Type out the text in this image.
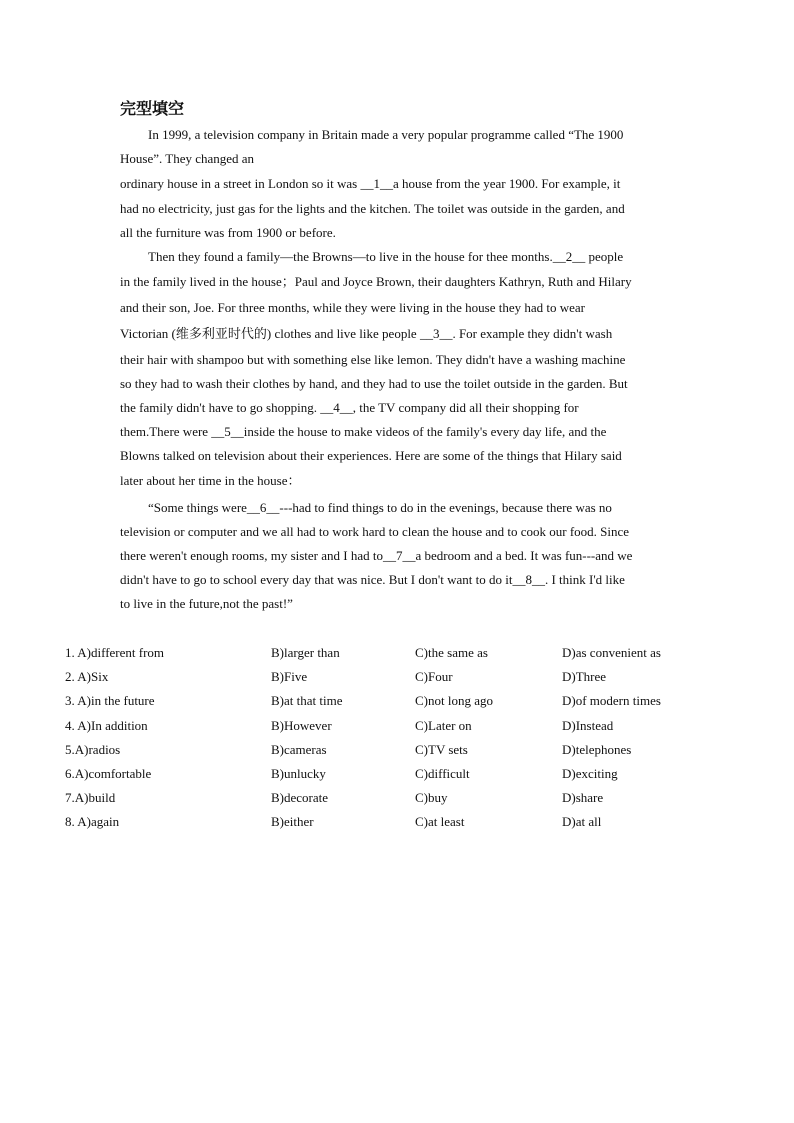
完型填空
In 1999, a television company in Britain made a very popular programme called “The 1900
House”. They changed an
ordinary house in a street in London so it was __1__a house from the year 1900. For example, it
had no electricity, just gas for the lights and the kitchen. The toilet was outside in the garden, and
all the furniture was from 1900 or before.
Then they found a family—the Browns—to live in the house for thee months.__2__ people
in the family lived in the house；Paul and Joyce Brown, their daughters Kathryn, Ruth and Hilary
and their son, Joe. For three months, while they were living in the house they had to wear
Victorian (维多利亚时代的) clothes and live like people __3__. For example they didn't wash
their hair with shampoo but with something else like lemon. They didn't have a washing machine
so they had to wash their clothes by hand, and they had to use the toilet outside in the garden. But
the family didn't have to go shopping. __4__, the TV company did all their shopping for
them.There were __5__inside the house to make videos of the family's every day life, and the
Blowns talked on television about their experiences. Here are some of the things that Hilary said
later about her time in the house：
“Some things were__6__---had to find things to do in the evenings, because there was no
television or computer and we all had to work hard to clean the house and to cook our food. Since
there weren't enough rooms, my sister and I had to__7__a bedroom and a bed. It was fun---and we
didn't have to go to school every day that was nice. But I don't want to do it__8__. I think I'd like
to live in the future,not the past!”
1. A)different from	B)larger than	C)the same as	D)as convenient as
2. A)Six	B)Five	C)Four	D)Three
3. A)in the future	B)at that time	C)not long ago	D)of modern times
4. A)In addition	B)However	C)Later on	D)Instead
5.A)radios	B)cameras	C)TV sets	D)telephones
6.A)comfortable	B)unlucky	C)difficult	D)exciting
7.A)build	B)decorate	C)buy	D)share
8. A)again	B)either	C)at least	D)at all
